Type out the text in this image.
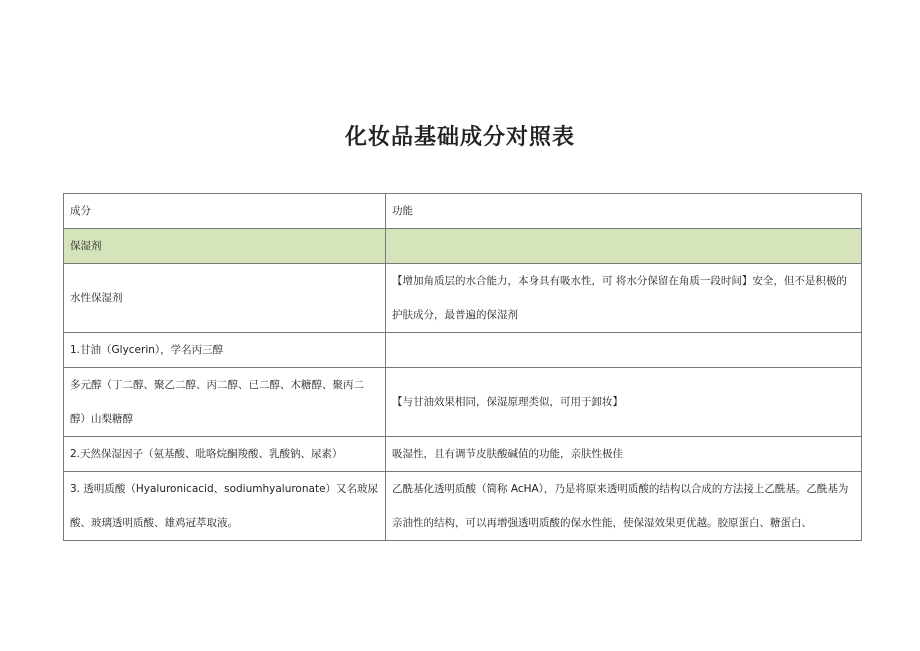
化妆品基础成分对照表
成分	功能
保湿剂	
水性保湿剂	【增加角质层的水合能力，本身具有吸水性，可 将水分保留在角质一段时间】安全，但不是积极的护肤成分，最普遍的保湿剂
1.甘油（Glycerin），学名丙三醇	
多元醇（丁二醇、聚乙二醇、丙二醇、已二醇、木糖醇、聚丙二醇）山梨糖醇	【与甘油效果相同，保湿原理类似，可用于卸妆】
2.天然保湿因子（氨基酸、吡咯烷酮羧酸、乳酸钠、尿素）	吸湿性，且有调节皮肤酸碱值的功能，亲肤性极佳
3. 透明质酸（Hyaluronicacid、sodiumhyaluronate）又名玻尿酸、玻璃透明质酸、雄鸡冠萃取液。	乙酰基化透明质酸（简称 AcHA），乃是将原来透明质酸的结构以合成的方法接上乙酰基。乙酰基为亲油性的结构，可以再增强透明质酸的保水性能，使保湿效果更优越。胶原蛋白、糖蛋白、
